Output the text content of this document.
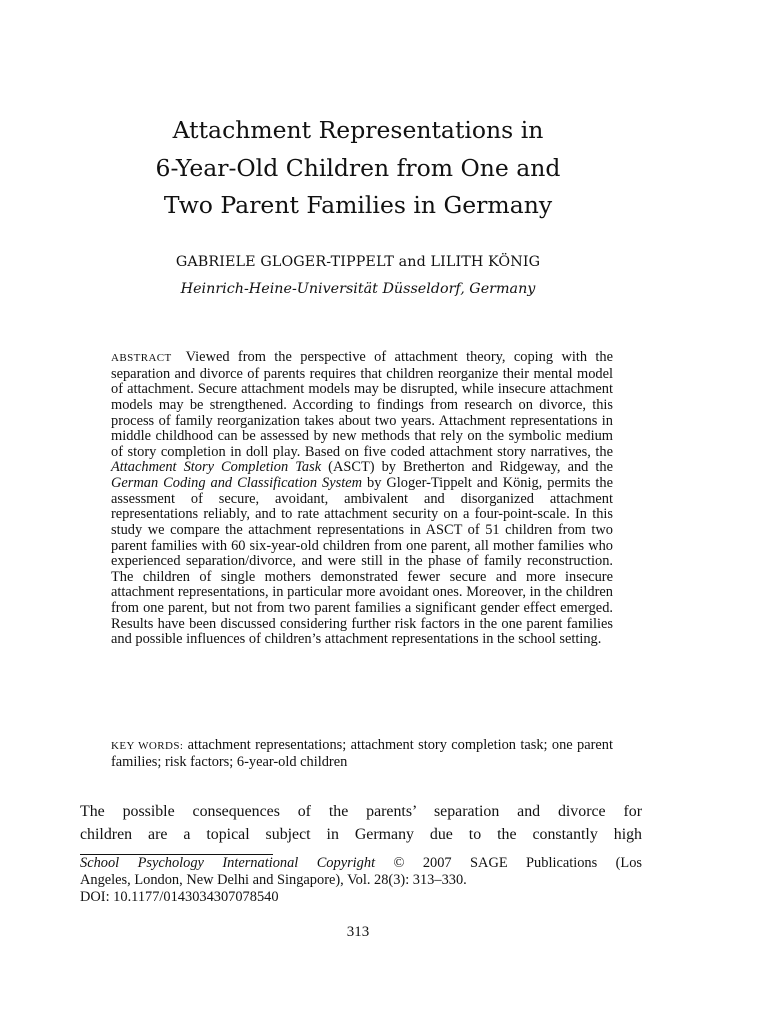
Attachment Representations in
6-Year-Old Children from One and
Two Parent Families in Germany
GABRIELE GLOGER-TIPPELT and LILITH KÖNIG
Heinrich-Heine-Universität Düsseldorf, Germany
ABSTRACT Viewed from the perspective of attachment theory, coping with the separation and divorce of parents requires that children reorganize their mental model of attachment. Secure attachment models may be disrupted, while insecure attachment models may be strengthened. According to findings from research on divorce, this process of family reorganization takes about two years. Attachment representations in middle childhood can be assessed by new methods that rely on the symbolic medium of story completion in doll play. Based on five coded attachment story narratives, the Attachment Story Completion Task (ASCT) by Bretherton and Ridgeway, and the German Coding and Classification System by Gloger-Tippelt and König, permits the assessment of secure, avoidant, ambivalent and disorganized attachment representations reliably, and to rate attachment security on a four-point-scale. In this study we compare the attachment representations in ASCT of 51 children from two parent families with 60 six-year-old children from one parent, all mother families who experienced separation/divorce, and were still in the phase of family reconstruction. The children of single mothers demonstrated fewer secure and more insecure attachment representations, in particular more avoidant ones. Moreover, in the children from one parent, but not from two parent families a significant gender effect emerged. Results have been discussed considering further risk factors in the one parent families and possible influences of children’s attachment representations in the school setting.
KEY WORDS: attachment representations; attachment story completion task; one parent families; risk factors; 6-year-old children
The possible consequences of the parents’ separation and divorce for
children are a topical subject in Germany due to the constantly high
School Psychology International Copyright © 2007 SAGE Publications (Los
Angeles, London, New Delhi and Singapore), Vol. 28(3): 313–330.
DOI: 10.1177/0143034307078540
313
